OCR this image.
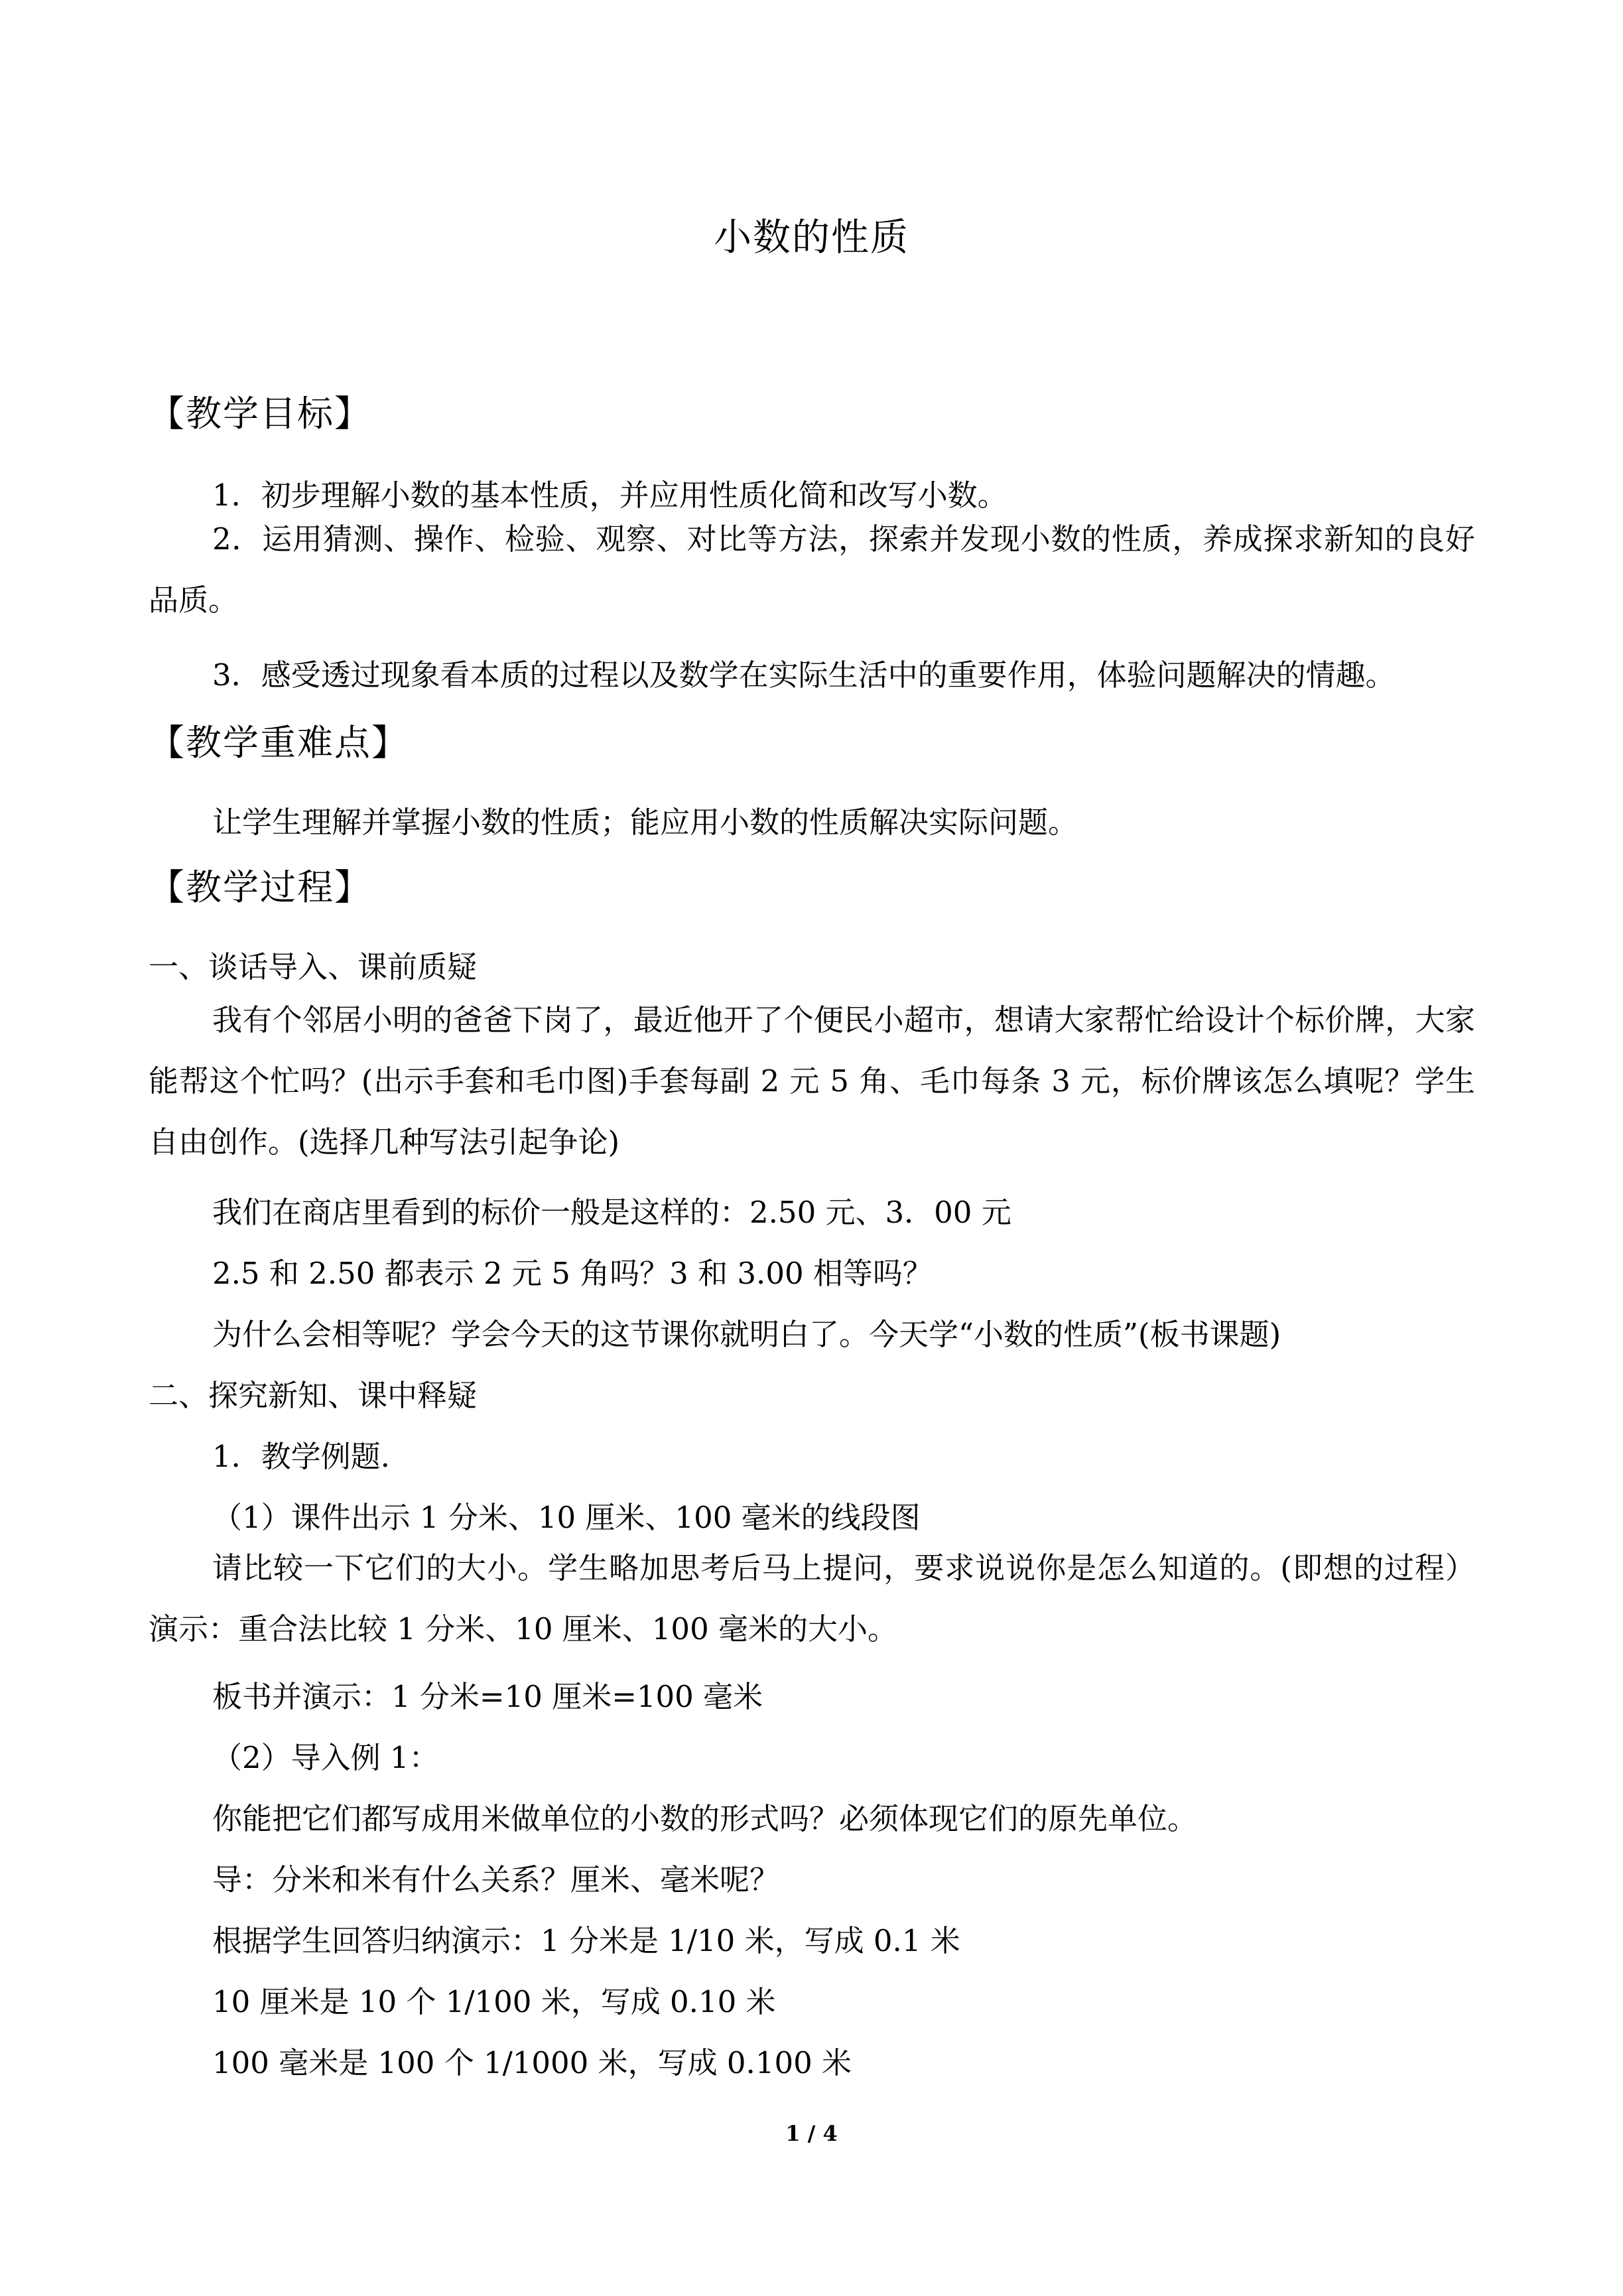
小数的性质
【教学目标】
1．初步理解小数的基本性质，并应用性质化简和改写小数。
2．运用猜测、操作、检验、观察、对比等方法，探索并发现小数的性质，养成探求新知的良好品质。
3．感受透过现象看本质的过程以及数学在实际生活中的重要作用，体验问题解决的情趣。
【教学重难点】
让学生理解并掌握小数的性质；能应用小数的性质解决实际问题。
【教学过程】
一、谈话导入、课前质疑
我有个邻居小明的爸爸下岗了，最近他开了个便民小超市，想请大家帮忙给设计个标价牌，大家能帮这个忙吗？(出示手套和毛巾图)手套每副 2 元 5 角、毛巾每条 3 元，标价牌该怎么填呢？学生自由创作。(选择几种写法引起争论)
我们在商店里看到的标价一般是这样的：2.50 元、3．00 元
2.5 和 2.50 都表示 2 元 5 角吗？3 和 3.00 相等吗？
为什么会相等呢？学会今天的这节课你就明白了。今天学“小数的性质”(板书课题)
二、探究新知、课中释疑
1．教学例题.
（1）课件出示 1 分米、10 厘米、100 毫米的线段图
请比较一下它们的大小。学生略加思考后马上提问，要求说说你是怎么知道的。(即想的过程）演示：重合法比较 1 分米、10 厘米、100 毫米的大小。
板书并演示：1 分米=10 厘米=100 毫米
（2）导入例 1：
你能把它们都写成用米做单位的小数的形式吗？必须体现它们的原先单位。
导：分米和米有什么关系？厘米、毫米呢？
根据学生回答归纳演示：1 分米是 1/10 米，写成 0.1 米
10 厘米是 10 个 1/100 米，写成 0.10 米
100 毫米是 100 个 1/1000 米，写成 0.100 米
1 / 4
